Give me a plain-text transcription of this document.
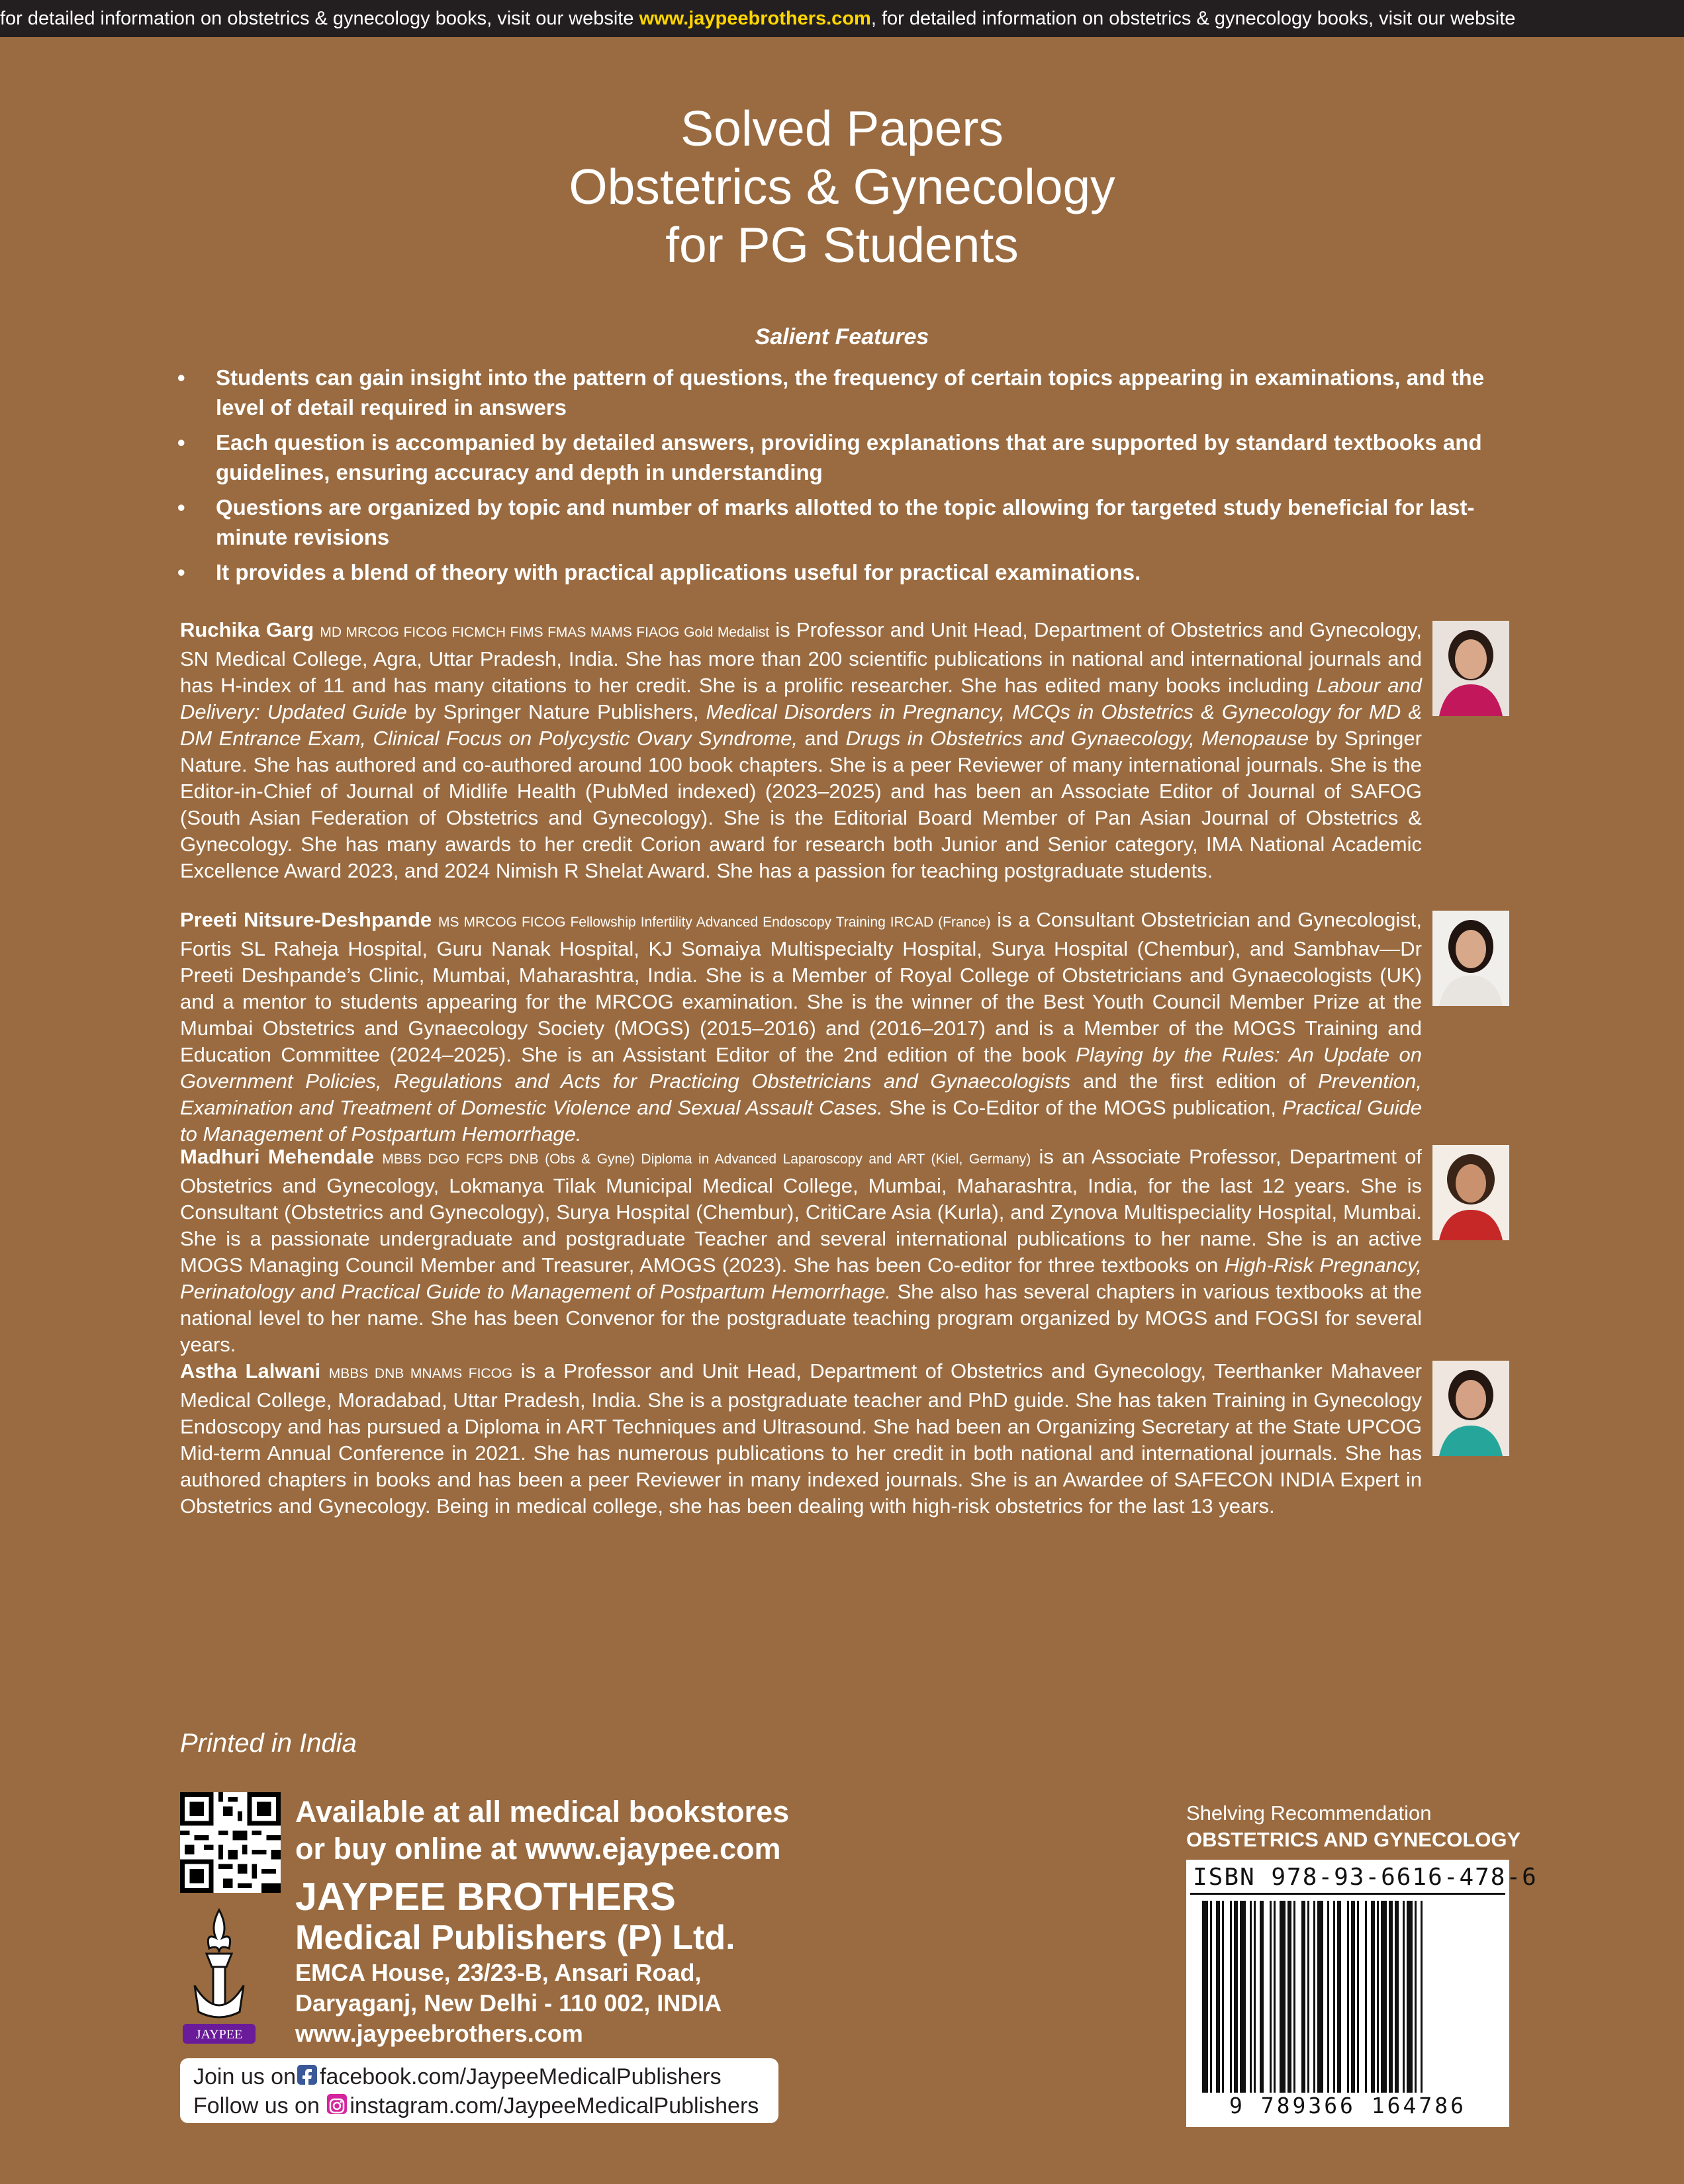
for detailed information on obstetrics & gynecology books, visit our website www.jaypeebrothers.com, for detailed information on obstetrics & gynecology books, visit our website
Solved Papers
Obstetrics & Gynecology
for PG Students
Salient Features
• Students can gain insight into the pattern of questions, the frequency of certain topics appearing in examinations, and the level of detail required in answers
• Each question is accompanied by detailed answers, providing explanations that are supported by standard textbooks and guidelines, ensuring accuracy and depth in understanding
• Questions are organized by topic and number of marks allotted to the topic allowing for targeted study beneficial for last-minute revisions
• It provides a blend of theory with practical applications useful for practical examinations.

Ruchika Garg MD MRCOG FICOG FICMCH FIMS FMAS MAMS FIAOG Gold Medalist is Professor and Unit Head, Department of Obstetrics and Gynecology, SN Medical College, Agra, Uttar Pradesh, India. She has more than 200 scientific publications in national and international journals and has H-index of 11 and has many citations to her credit. She is a prolific researcher. She has edited many books including Labour and Delivery: Updated Guide by Springer Nature Publishers, Medical Disorders in Pregnancy, MCQs in Obstetrics & Gynecology for MD & DM Entrance Exam, Clinical Focus on Polycystic Ovary Syndrome, and Drugs in Obstetrics and Gynaecology, Menopause by Springer Nature. She has authored and co-authored around 100 book chapters. She is a peer Reviewer of many international journals. She is the Editor-in-Chief of Journal of Midlife Health (PubMed indexed) (2023–2025) and has been an Associate Editor of Journal of SAFOG (South Asian Federation of Obstetrics and Gynecology). She is the Editorial Board Member of Pan Asian Journal of Obstetrics & Gynecology. She has many awards to her credit Corion award for research both Junior and Senior category, IMA National Academic Excellence Award 2023, and 2024 Nimish R Shelat Award. She has a passion for teaching postgraduate students.

Preeti Nitsure-Deshpande MS MRCOG FICOG Fellowship Infertility Advanced Endoscopy Training IRCAD (France) is a Consultant Obstetrician and Gynecologist, Fortis SL Raheja Hospital, Guru Nanak Hospital, KJ Somaiya Multispecialty Hospital, Surya Hospital (Chembur), and Sambhav—Dr Preeti Deshpande’s Clinic, Mumbai, Maharashtra, India. She is a Member of Royal College of Obstetricians and Gynaecologists (UK) and a mentor to students appearing for the MRCOG examination. She is the winner of the Best Youth Council Member Prize at the Mumbai Obstetrics and Gynaecology Society (MOGS) (2015–2016) and (2016–2017) and is a Member of the MOGS Training and Education Committee (2024–2025). She is an Assistant Editor of the 2nd edition of the book Playing by the Rules: An Update on Government Policies, Regulations and Acts for Practicing Obstetricians and Gynaecologists and the first edition of Prevention, Examination and Treatment of Domestic Violence and Sexual Assault Cases. She is Co-Editor of the MOGS publication, Practical Guide to Management of Postpartum Hemorrhage.

Madhuri Mehendale MBBS DGO FCPS DNB (Obs & Gyne) Diploma in Advanced Laparoscopy and ART (Kiel, Germany) is an Associate Professor, Department of Obstetrics and Gynecology, Lokmanya Tilak Municipal Medical College, Mumbai, Maharashtra, India, for the last 12 years. She is Consultant (Obstetrics and Gynecology), Surya Hospital (Chembur), CritiCare Asia (Kurla), and Zynova Multispeciality Hospital, Mumbai. She is a passionate undergraduate and postgraduate Teacher and several international publications to her name. She is an active MOGS Managing Council Member and Treasurer, AMOGS (2023). She has been Co-editor for three textbooks on High-Risk Pregnancy, Perinatology and Practical Guide to Management of Postpartum Hemorrhage. She also has several chapters in various textbooks at the national level to her name. She has been Convenor for the postgraduate teaching program organized by MOGS and FOGSI for several years.

Astha Lalwani MBBS DNB MNAMS FICOG is a Professor and Unit Head, Department of Obstetrics and Gynecology, Teerthanker Mahaveer Medical College, Moradabad, Uttar Pradesh, India. She is a postgraduate teacher and PhD guide. She has taken Training in Gynecology Endoscopy and has pursued a Diploma in ART Techniques and Ultrasound. She had been an Organizing Secretary at the State UPCOG Mid-term Annual Conference in 2021. She has numerous publications to her credit in both national and international journals. She has authored chapters in books and has been a peer Reviewer in many indexed journals. She is an Awardee of SAFECON INDIA Expert in Obstetrics and Gynecology. Being in medical college, she has been dealing with high-risk obstetrics for the last 13 years.

Printed in India
Available at all medical bookstores
or buy online at www.ejaypee.com
JAYPEE
JAYPEE BROTHERS
Medical Publishers (P) Ltd.
EMCA House, 23/23-B, Ansari Road,
Daryaganj, New Delhi - 110 002, INDIA
www.jaypeebrothers.com
Join us on facebook.com/JaypeeMedicalPublishers
Follow us on instagram.com/JaypeeMedicalPublishers
Shelving Recommendation
OBSTETRICS AND GYNECOLOGY
ISBN 978-93-6616-478-6
9 789366 164786
